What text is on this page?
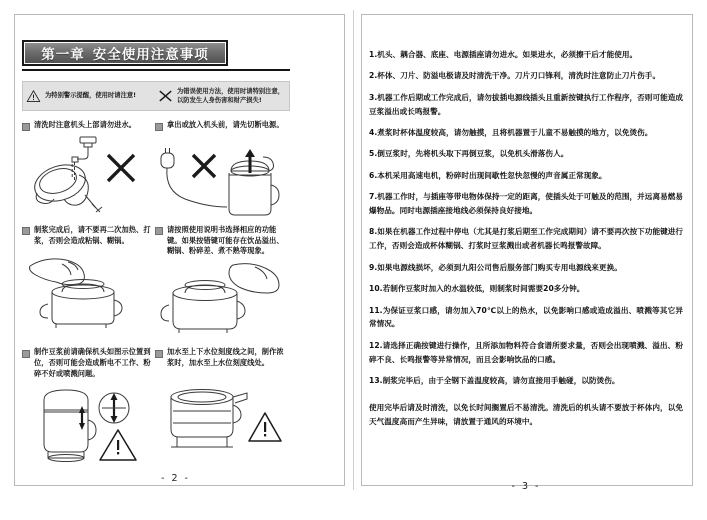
第一章 安全使用注意事项
为特别警示提醒，使用时请注意!
为错误使用方法，使用时请特别注意，以防发生人身伤害和财产损失!
清洗时注意机头上部请勿进水。	拿出或放入机头前，请先切断电源。
制浆完成后，请不要再二次加热、打浆，否则会造成粘锅、糊锅。
请按照使用说明书选择相应的功能键。如果按错键可能存在饮品溢出、糊锅、粉碎差、煮不熟等现象。
制作豆浆前请确保机头如图示位置到位，否则可能会造成断电不工作、粉碎不好或喷溅问题。
加水至上下水位刻度线之间，制作浓浆时，加水至上水位刻度线处。
- 2 -

1.机头、耦合器、底座、电源插座请勿进水。如果进水，必须擦干后才能使用。

2.杯体、刀片、防溢电极请及时清洗干净。刀片刃口锋利，清洗时注意防止刀片伤手。

3.机器工作后期或工作完成后，请勿拔插电源线插头且重新按键执行工作程序，否则可能造成豆浆溢出或长鸣报警。

4.煮浆时杯体温度较高，请勿触摸，且将机器置于儿童不易触摸的地方，以免烫伤。

5.倒豆浆时，先将机头取下再倒豆浆，以免机头滑落伤人。

6.本机采用高速电机，粉碎时出现间歇性忽快忽慢的声音属正常现象。

7.机器工作时，与插座等带电物体保持一定的距离，使插头处于可触及的范围，并远离易燃易爆物品。同时电源插座接地线必须保持良好接地。

8.如果在机器工作过程中停电（尤其是打浆后期至工作完成期间）请不要再次按下功能键进行工作，否则会造成杯体糊锅、打浆时豆浆溅出或者机器长鸣报警故障。

9.如果电源线损坏，必须到九阳公司售后服务部门购买专用电源线来更换。

10.若制作豆浆时加入的水温较低，则制浆时间需要20多分钟。

11.为保证豆浆口感，请勿加入70℃以上的热水，以免影响口感或造成溢出、喷溅等其它异常情况。

12.请选择正确按键进行操作，且所添加物料符合食谱所要求量，否则会出现喷溅、溢出、粉碎不良、长鸣报警等异常情况，而且会影响饮品的口感。

13.制浆完毕后，由于全钢下盖温度较高，请勿直接用手触碰，以防烫伤。

使用完毕后请及时清洗，以免长时间搁置后不易清洗。清洗后的机头请不要放于杯体内，以免天气温度高而产生异味，请放置于通风的环境中。

- 3 -
